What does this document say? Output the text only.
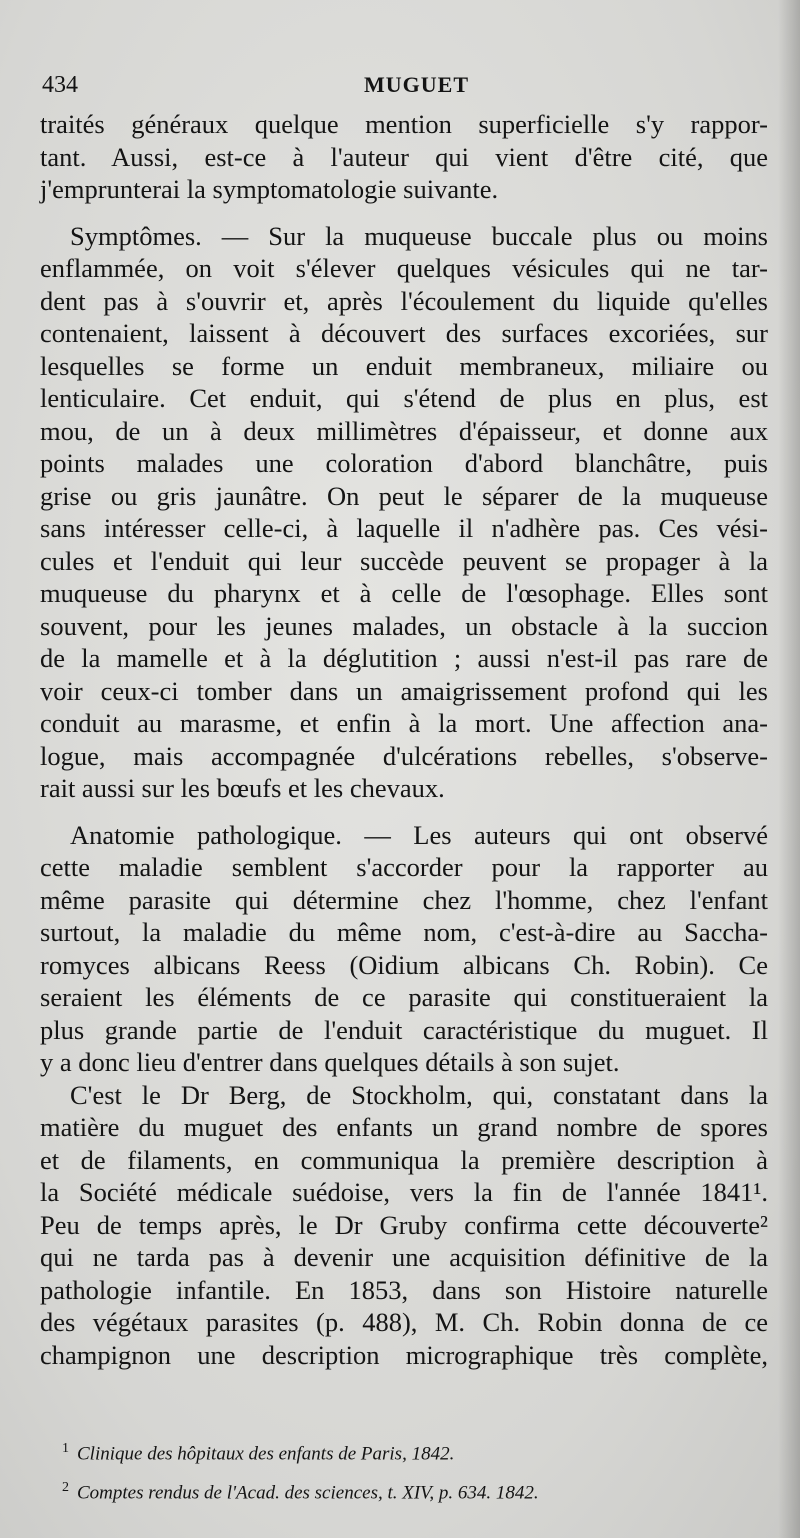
434	MUGUET
traités généraux quelque mention superficielle s'y rappor-
tant. Aussi, est-ce à l'auteur qui vient d'être cité, que
j'emprunterai la symptomatologie suivante.
Symptômes. — Sur la muqueuse buccale plus ou moins
enflammée, on voit s'élever quelques vésicules qui ne tar-
dent pas à s'ouvrir et, après l'écoulement du liquide qu'elles
contenaient, laissent à découvert des surfaces excoriées, sur
lesquelles se forme un enduit membraneux, miliaire ou
lenticulaire. Cet enduit, qui s'étend de plus en plus, est
mou, de un à deux millimètres d'épaisseur, et donne aux
points malades une coloration d'abord blanchâtre, puis
grise ou gris jaunâtre. On peut le séparer de la muqueuse
sans intéresser celle-ci, à laquelle il n'adhère pas. Ces vési-
cules et l'enduit qui leur succède peuvent se propager à la
muqueuse du pharynx et à celle de l'œsophage. Elles sont
souvent, pour les jeunes malades, un obstacle à la succion
de la mamelle et à la déglutition ; aussi n'est-il pas rare de
voir ceux-ci tomber dans un amaigrissement profond qui les
conduit au marasme, et enfin à la mort. Une affection ana-
logue, mais accompagnée d'ulcérations rebelles, s'observe-
rait aussi sur les bœufs et les chevaux.
Anatomie pathologique. — Les auteurs qui ont observé
cette maladie semblent s'accorder pour la rapporter au
même parasite qui détermine chez l'homme, chez l'enfant
surtout, la maladie du même nom, c'est-à-dire au Saccha-
romyces albicans Reess (Oidium albicans Ch. Robin). Ce
seraient les éléments de ce parasite qui constitueraient la
plus grande partie de l'enduit caractéristique du muguet. Il
y a donc lieu d'entrer dans quelques détails à son sujet.
C'est le Dr Berg, de Stockholm, qui, constatant dans la
matière du muguet des enfants un grand nombre de spores
et de filaments, en communiqua la première description à
la Société médicale suédoise, vers la fin de l'année 1841¹.
Peu de temps après, le Dr Gruby confirma cette découverte²
qui ne tarda pas à devenir une acquisition définitive de la
pathologie infantile. En 1853, dans son Histoire naturelle
des végétaux parasites (p. 488), M. Ch. Robin donna de ce
champignon une description micrographique très complète,
$^1$ Clinique des hôpitaux des enfants de Paris, 1842.
$^2$ Comptes rendus de l'Acad. des sciences, t. XIV, p. 634. 1842.
